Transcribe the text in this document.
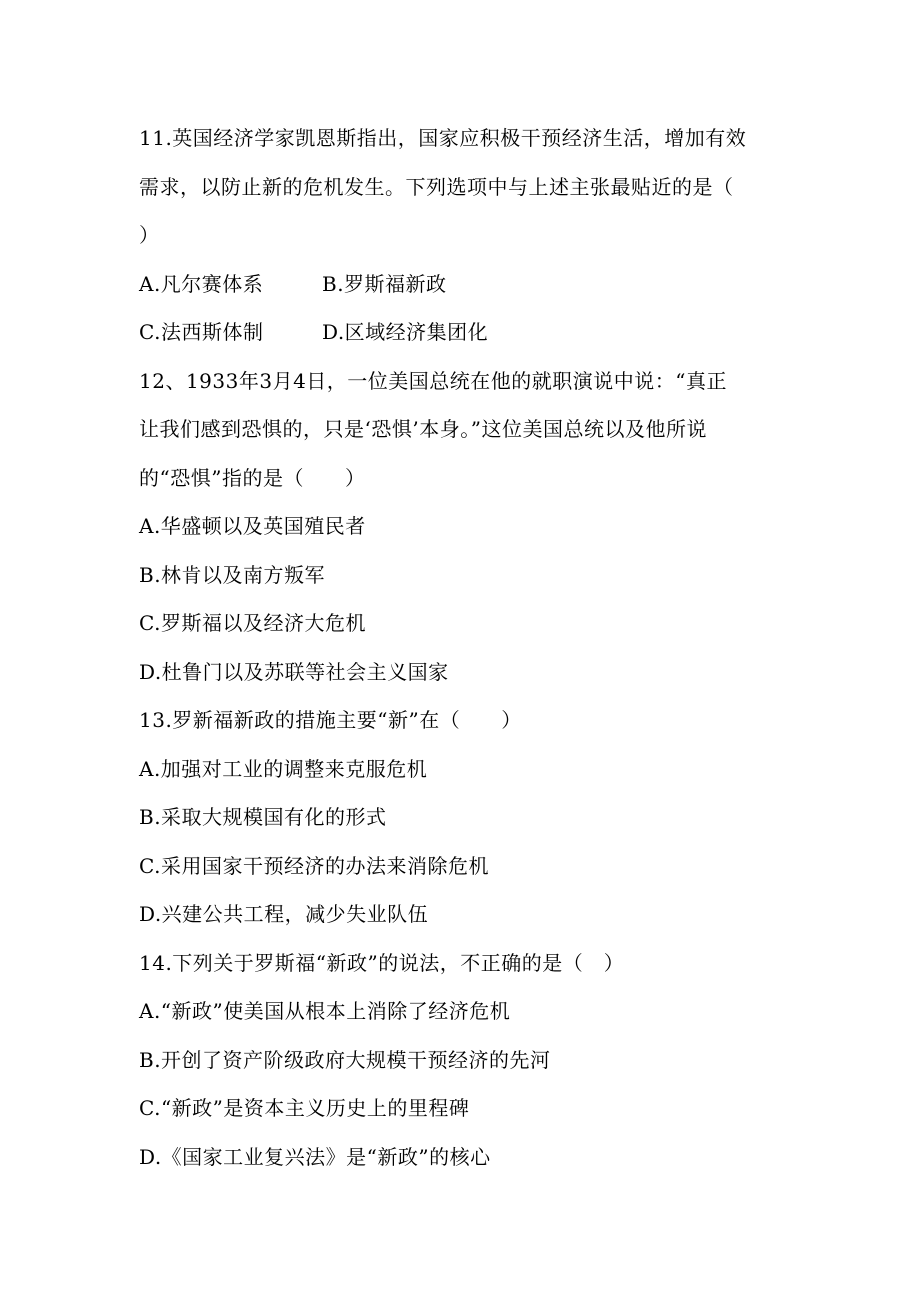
11.英国经济学家凯恩斯指出，国家应积极干预经济生活，增加有效
需求，以防止新的危机发生。下列选项中与上述主张最贴近的是（
）
A.凡尔赛体系	B.罗斯福新政
C.法西斯体制	D.区域经济集团化
12、1933年3月4日，一位美国总统在他的就职演说中说：“真正
让我们感到恐惧的，只是‘恐惧’本身。”这位美国总统以及他所说
的“恐惧”指的是（　　）
A.华盛顿以及英国殖民者
B.林肯以及南方叛军
C.罗斯福以及经济大危机
D.杜鲁门以及苏联等社会主义国家
13.罗新福新政的措施主要“新”在（　　）
A.加强对工业的调整来克服危机
B.采取大规模国有化的形式
C.采用国家干预经济的办法来消除危机
D.兴建公共工程，减少失业队伍
14.下列关于罗斯福“新政”的说法，不正确的是（　）
A.“新政”使美国从根本上消除了经济危机
B.开创了资产阶级政府大规模干预经济的先河
C.“新政”是资本主义历史上的里程碑
D.《国家工业复兴法》是“新政”的核心
